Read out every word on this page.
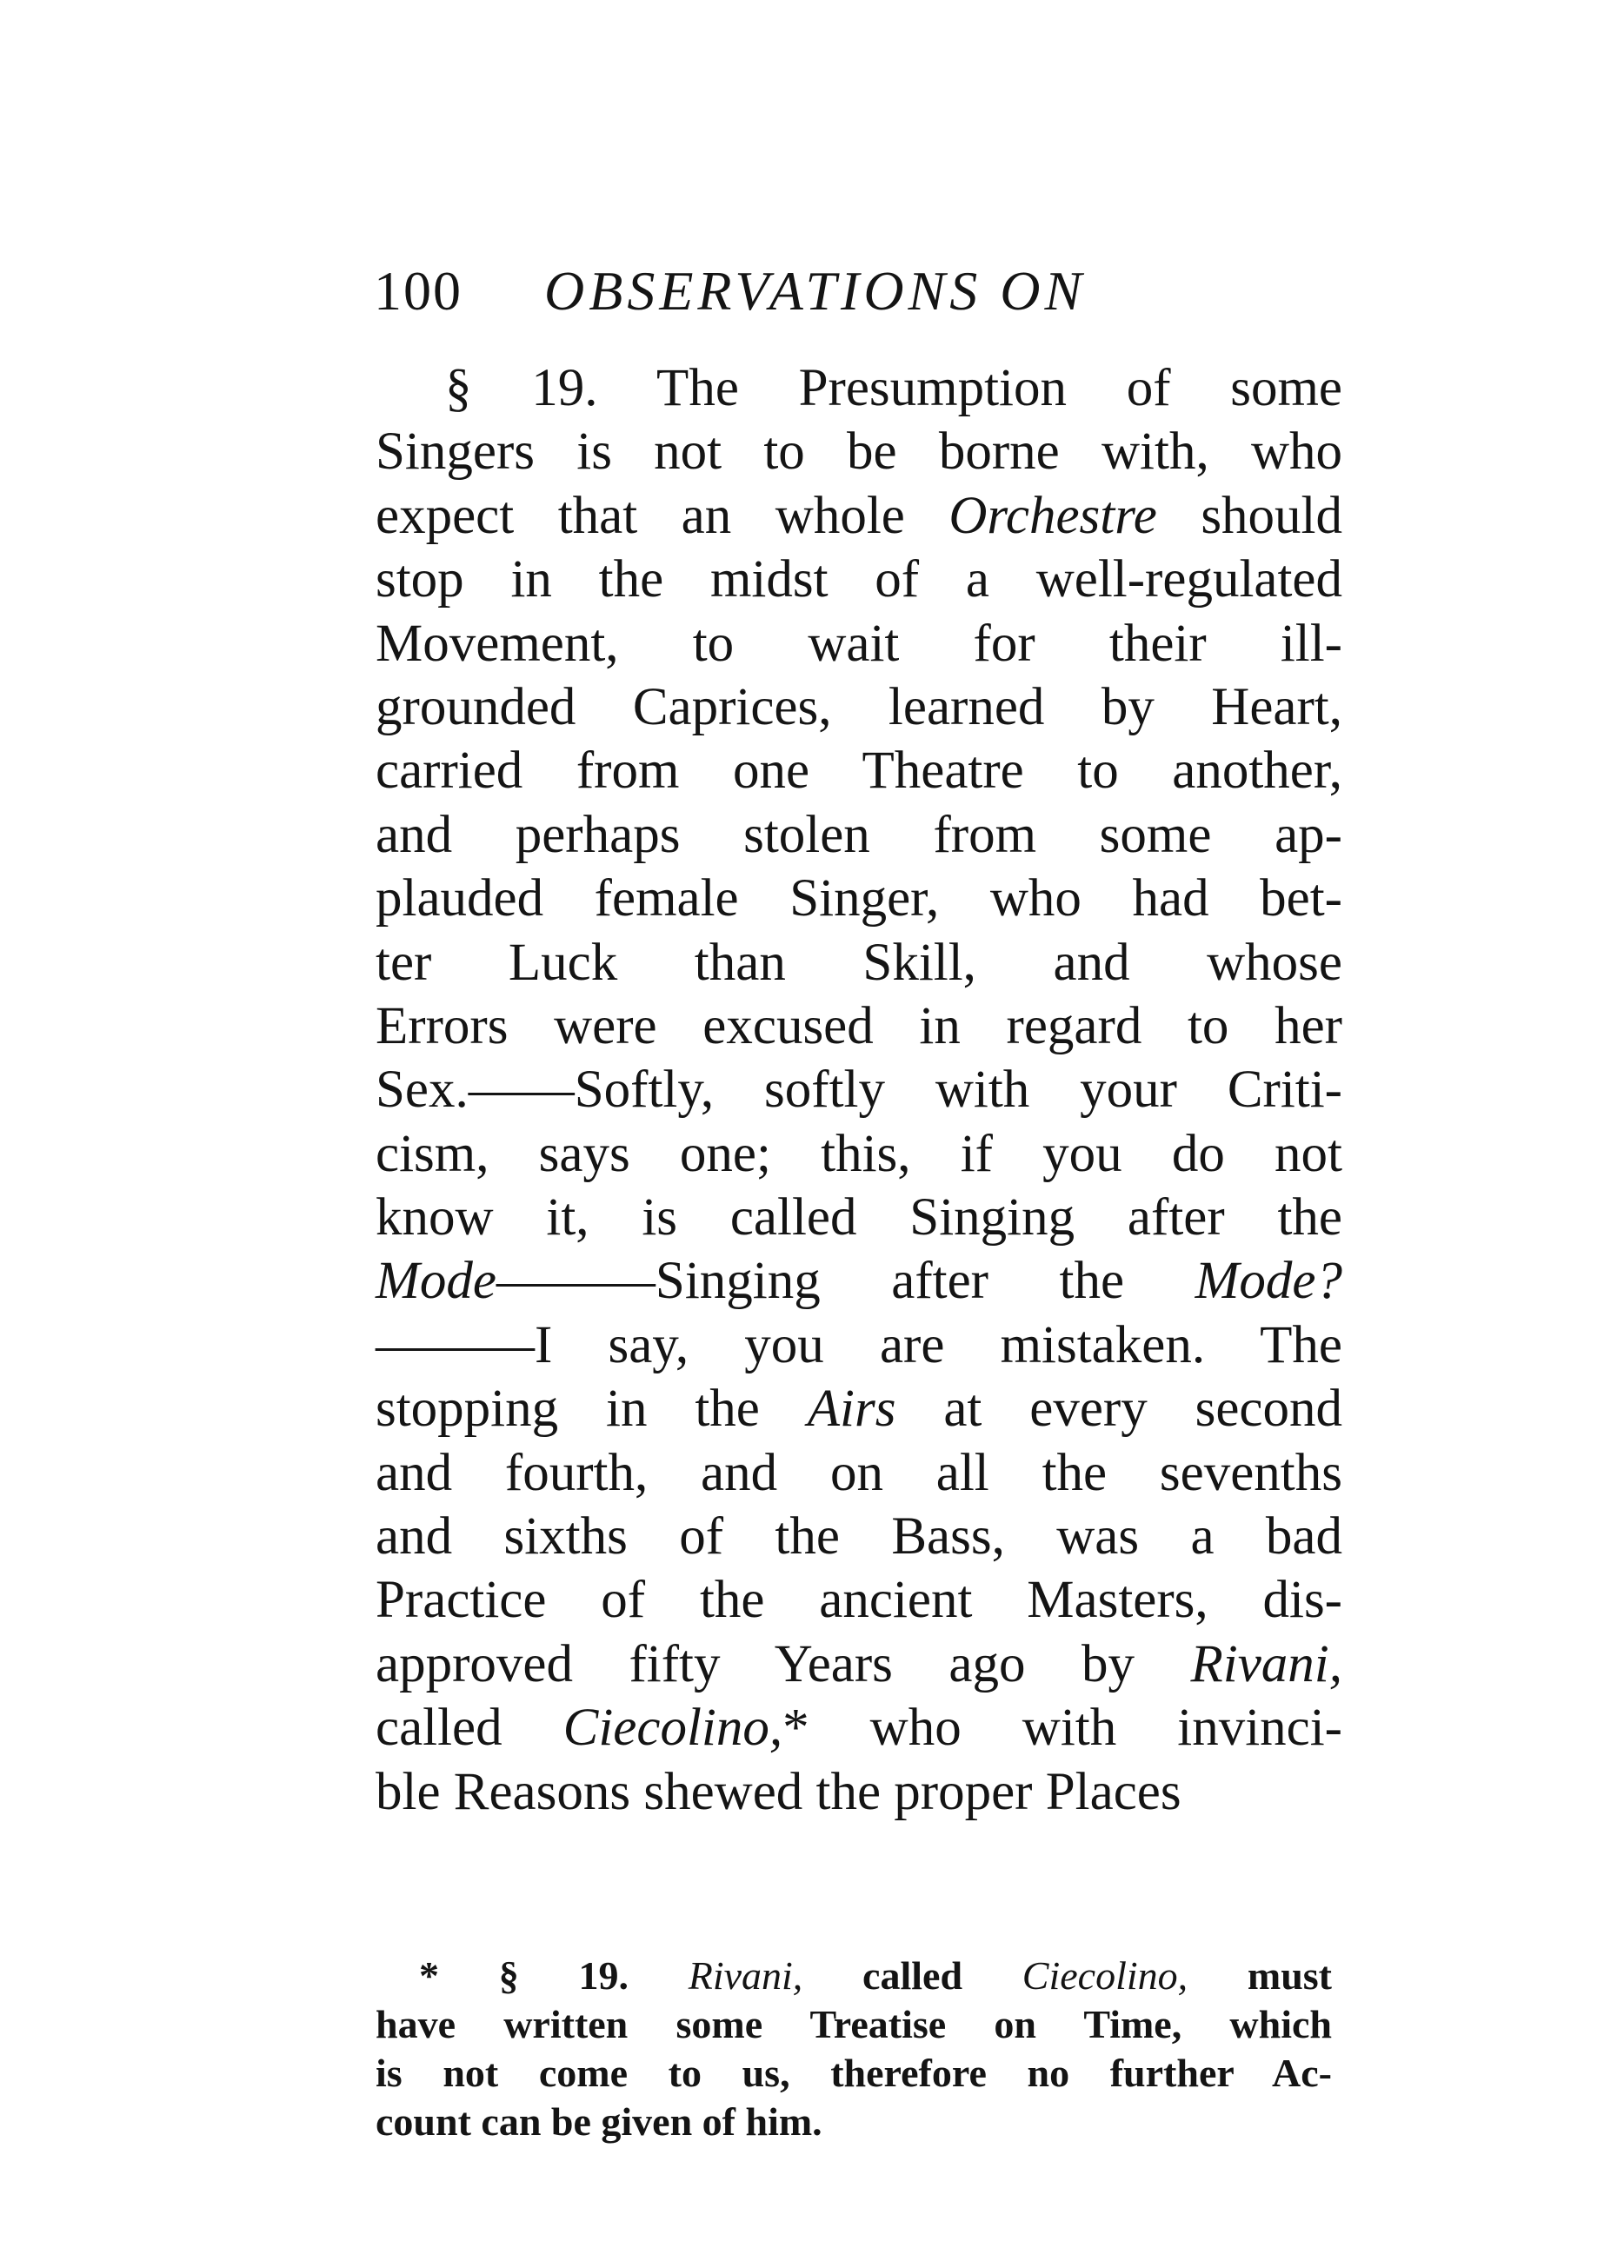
100 OBSERVATIONS ON
§ 19. The Presumption of some
Singers is not to be borne with, who
expect that an whole Orchestre should
stop in the midst of a well-regulated
Movement, to wait for their ill-
grounded Caprices, learned by Heart,
carried from one Theatre to another,
and perhaps stolen from some ap-
plauded female Singer, who had bet-
ter Luck than Skill, and whose
Errors were excused in regard to her
Sex.——Softly, softly with your Criti-
cism, says one; this, if you do not
know it, is called Singing after the
Mode———Singing after the Mode?
———I say, you are mistaken. The
stopping in the Airs at every second
and fourth, and on all the sevenths
and sixths of the Bass, was a bad
Practice of the ancient Masters, dis-
approved fifty Years ago by Rivani,
called Ciecolino,* who with invinci-
ble Reasons shewed the proper Places
* § 19. Rivani, called Ciecolino, must
have written some Treatise on Time, which
is not come to us, therefore no further Ac-
count can be given of him.
